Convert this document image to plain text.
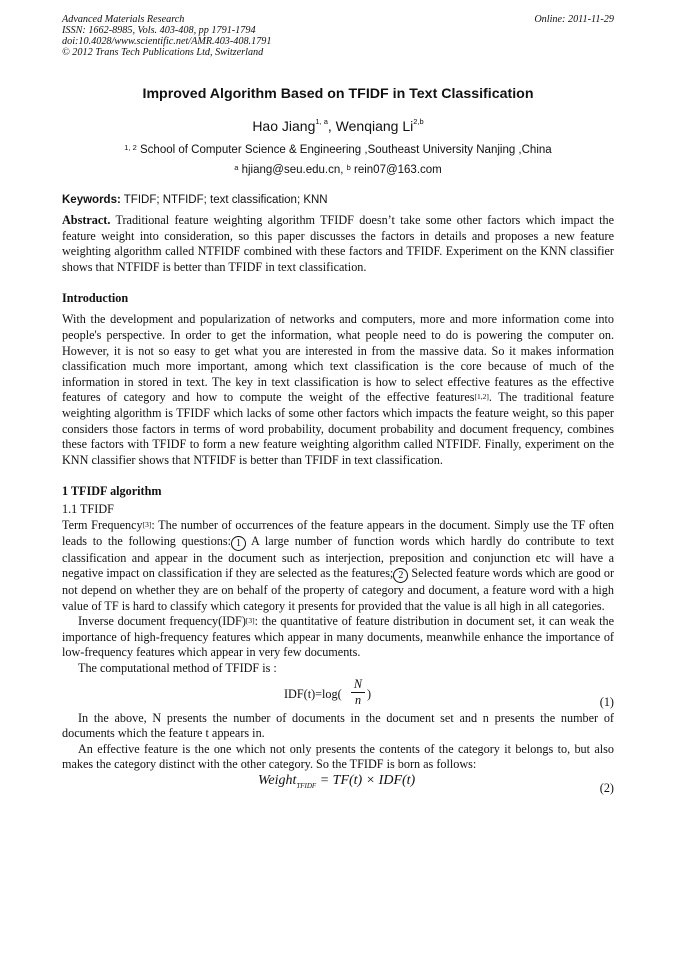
Advanced Materials Research
ISSN: 1662-8985, Vols. 403-408, pp 1791-1794
doi:10.4028/www.scientific.net/AMR.403-408.1791
© 2012 Trans Tech Publications Ltd, Switzerland
Online: 2011-11-29
Improved Algorithm Based on TFIDF in Text Classification
Hao Jiang$^{1, a}$, Wenqiang Li$^{2,b}$
$^{1, 2}$ School of Computer Science & Engineering ,Southeast University Nanjing ,China
$^a$ hjiang@seu.edu.cn, $^b$ rein07@163.com
Keywords: TFIDF; NTFIDF; text classification; KNN

Abstract. Traditional feature weighting algorithm TFIDF doesn’t take some other factors which impact the feature weight into consideration, so this paper discusses the factors in details and proposes a new feature weighting algorithm called NTFIDF combined with these factors and TFIDF. Experiment on the KNN classifier shows that NTFIDF is better than TFIDF in text classification.

Introduction

With the development and popularization of networks and computers, more and more information come into people's perspective. In order to get the information, what people need to do is powering the computer on. However, it is not so easy to get what you are interested in from the massive data. So it makes information classification much more important, among which text classification is the core because of much of the information in stored in text. The key in text classification is how to select effective features as the effective features of category and how to compute the weight of the effective features[1,2]. The traditional feature weighting algorithm is TFIDF which lacks of some other factors which impacts the feature weight, so this paper considers those factors in terms of word probability, document probability and document frequency, combines these factors with TFIDF to form a new feature weighting algorithm called NTFIDF. Finally, experiment on the KNN classifier shows that NTFIDF is better than TFIDF in text classification.

1 TFIDF algorithm
1.1 TFIDF

Term Frequency[3]: The number of occurrences of the feature appears in the document. Simply use the TF often leads to the following questions: 1 A large number of function words which hardly do contribute to text classification and appear in the document such as interjection, preposition and conjunction etc will have a negative impact on classification if they are selected as the features; 2 Selected feature words which are good or not depend on whether they are on behalf of the property of category and document, a feature word with a high value of TF is hard to classify which category it presents for provided that the value is all high in all categories.

Inverse document frequency(IDF)[3]: the quantitative of feature distribution in document set, it can weak the importance of high-frequency features which appear in many documents, meanwhile enhance the importance of low-frequency features which appear in very few documents.

The computational method of TFIDF is :

$IDF(t)=\log( \frac{N}{n}$ )
(1)

In the above, N presents the number of documents in the document set and n presents the number of documents which the feature t appears in.

An effective feature is the one which not only presents the contents of the category it belongs to, but also makes the category distinct with the other category. So the TFIDF is born as follows:

Weight$_{TFIDF}$ = TF(t) × IDF(t)	(2)
